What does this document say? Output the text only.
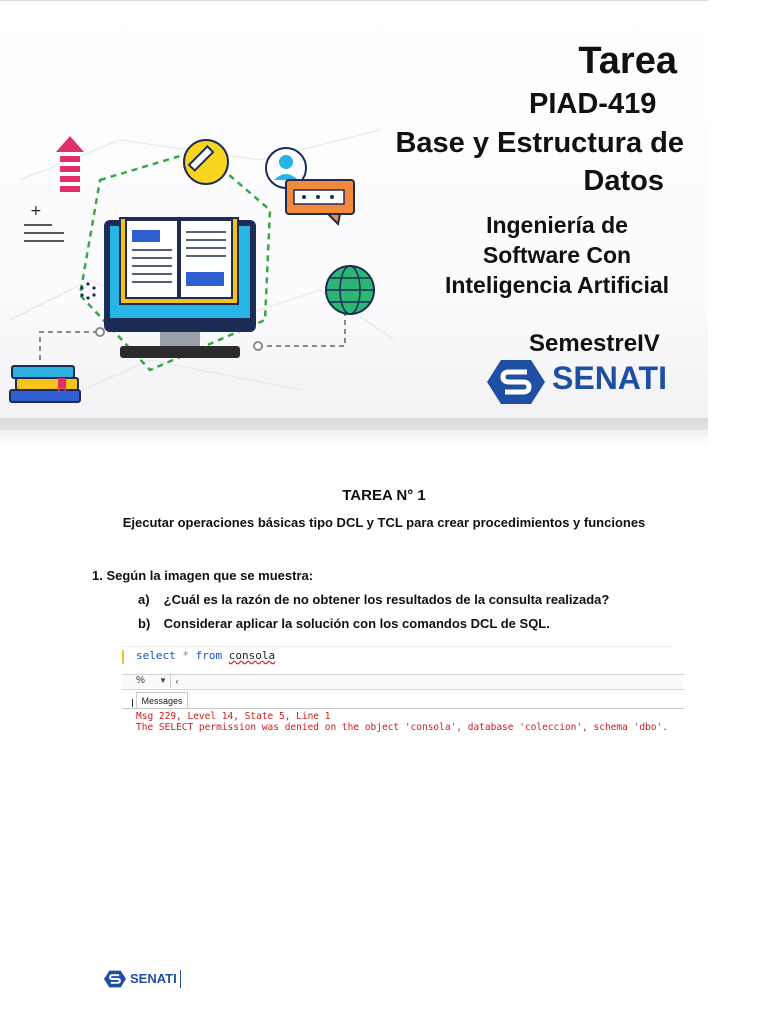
+
Tarea
PIAD-419
Base y Estructura de
Datos
Ingeniería de
Software Con
Inteligencia Artificial
SemestreIV
SENATI
TAREA N° 1
Ejecutar operaciones básicas tipo DCL y TCL para crear procedimientos y funciones
1. Según la imagen que se muestra:
a) ¿Cuál es la razón de no obtener los resultados de la consulta realizada?
b) Considerar aplicar la solución con los comandos DCL de SQL.
select * from consola
%	▼ ‹
Messages
Msg 229, Level 14, State 5, Line 1
The SELECT permission was denied on the object 'consola', database 'coleccion', schema 'dbo'.
SENATI
